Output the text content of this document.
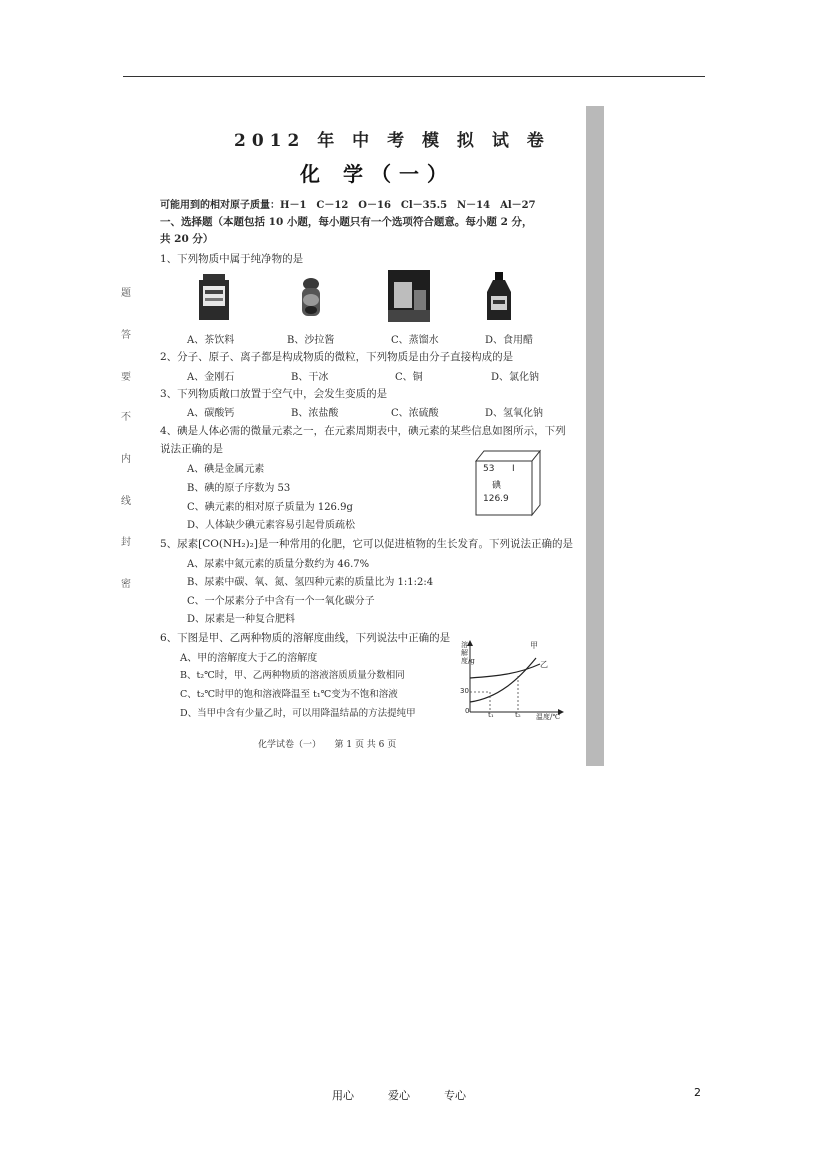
2012 年 中 考 模 拟 试 卷
化 学（一）
可能用到的相对原子质量：H－1　C－12　O－16　Cl－35.5　N－14　Al－27
一、选择题（本题包括 10 小题，每小题只有一个选项符合题意。每小题 2 分，
共 20 分）
题
答
要
不
内
线
封
密
1、下列物质中属于纯净物的是
A、茶饮料	B、沙拉酱	C、蒸馏水	D、食用醋
2、分子、原子、离子都是构成物质的微粒，下列物质是由分子直接构成的是
A、金刚石	B、干冰	C、铜	D、氯化钠
3、下列物质敞口放置于空气中，会发生变质的是
A、碳酸钙	B、浓盐酸	C、浓硫酸	D、氢氧化钠
4、碘是人体必需的微量元素之一，在元素周期表中，碘元素的某些信息如图所示，下列
说法正确的是
A、碘是金属元素
B、碘的原子序数为 53
C、碘元素的相对原子质量为 126.9g
D、人体缺少碘元素容易引起骨质疏松
53 I
碘
126.9
5、尿素[CO(NH₂)₂]是一种常用的化肥，它可以促进植物的生长发育。下列说法正确的是
A、尿素中氮元素的质量分数约为 46.7%
B、尿素中碳、氧、氮、氢四种元素的质量比为 1:1:2:4
C、一个尿素分子中含有一个一氧化碳分子
D、尿素是一种复合肥料
6、下图是甲、乙两种物质的溶解度曲线，下列说法中正确的是
A、甲的溶解度大于乙的溶解度
B、t₂℃时，甲、乙两种物质的溶液溶质质量分数相同
C、t₂℃时甲的饱和溶液降温至 t₁℃变为不饱和溶液
D、当甲中含有少量乙时，可以用降温结晶的方法提纯甲
溶解度/g
甲
乙
30
0	t₁	t₂ 温度/℃
化学试卷（一）　　第 1 页 共 6 页
用心	爱心	专心	2
